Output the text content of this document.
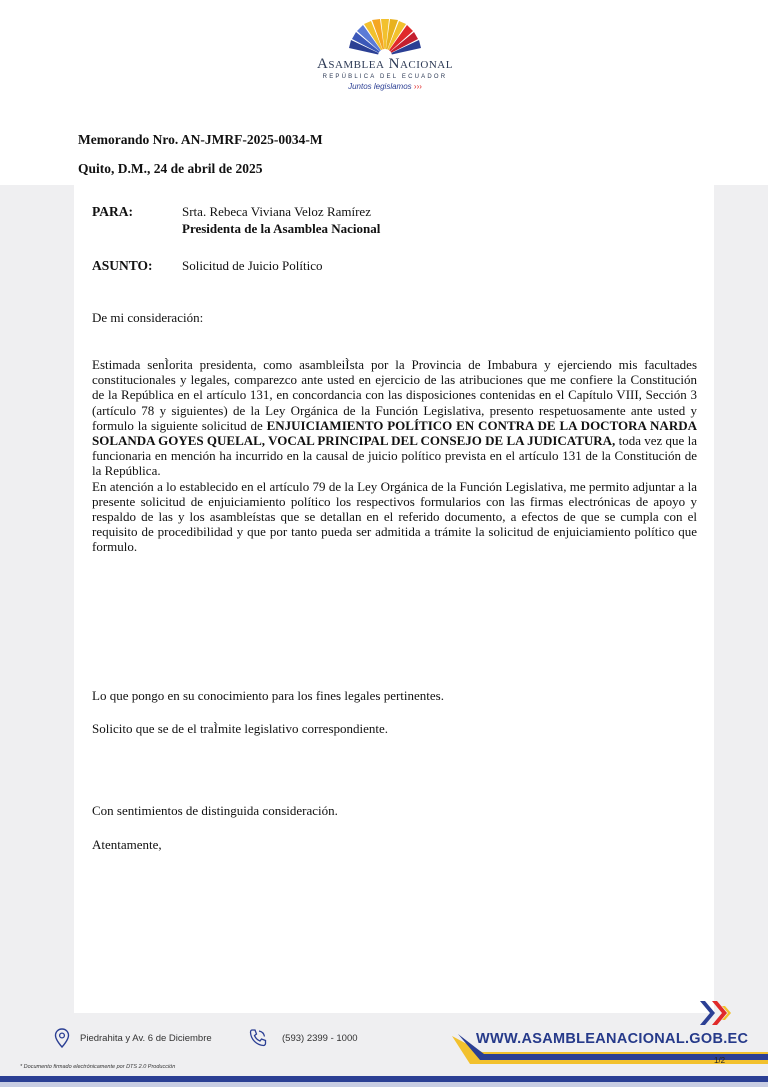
Asamblea Nacional
REPÚBLICA DEL ECUADOR
Juntos legislamos ›››
Memorando Nro. AN-JMRF-2025-0034-M
Quito, D.M., 24 de abril de 2025
PARA:	Srta. Rebeca Viviana Veloz Ramírez
Presidenta de la Asamblea Nacional
ASUNTO: Solicitud de Juicio Político
De mi consideración:

Estimada senÌorita presidenta, como asambleiÌsta por la Provincia de Imbabura y ejerciendo mis facultades constitucionales y legales, comparezco ante usted en ejercicio de las atribuciones que me confiere la Constitución de la República en el artículo 131, en concordancia con las disposiciones contenidas en el Capítulo VIII, Sección 3 (artículo 78 y siguientes) de la Ley Orgánica de la Función Legislativa, presento respetuosamente ante usted y formulo la siguiente solicitud de ENJUICIAMIENTO POLÍTICO EN CONTRA DE LA DOCTORA NARDA SOLANDA GOYES QUELAL, VOCAL PRINCIPAL DEL CONSEJO DE LA JUDICATURA, toda vez que la funcionaria en mención ha incurrido en la causal de juicio político prevista en el artículo 131 de la Constitución de la República.

En atención a lo establecido en el artículo 79 de la Ley Orgánica de la Función Legislativa, me permito adjuntar a la presente solicitud de enjuiciamiento político los respectivos formularios con las firmas electrónicas de apoyo y respaldo de las y los asambleístas que se detallan en el referido documento, a efectos de que se cumpla con el requisito de procedibilidad y que por tanto pueda ser admitida a trámite la solicitud de enjuiciamiento político que formulo.

Lo que pongo en su conocimiento para los fines legales pertinentes.
Solicito que se de el traÌmite legislativo correspondiente.
Con sentimientos de distinguida consideración.
Atentamente,
Piedrahita y Av. 6 de Diciembre	(593) 2399 - 1000	WWW.ASAMBLEANACIONAL.GOB.EC
1/2
* Documento firmado electrónicamente por DTS 2.0 Producción
